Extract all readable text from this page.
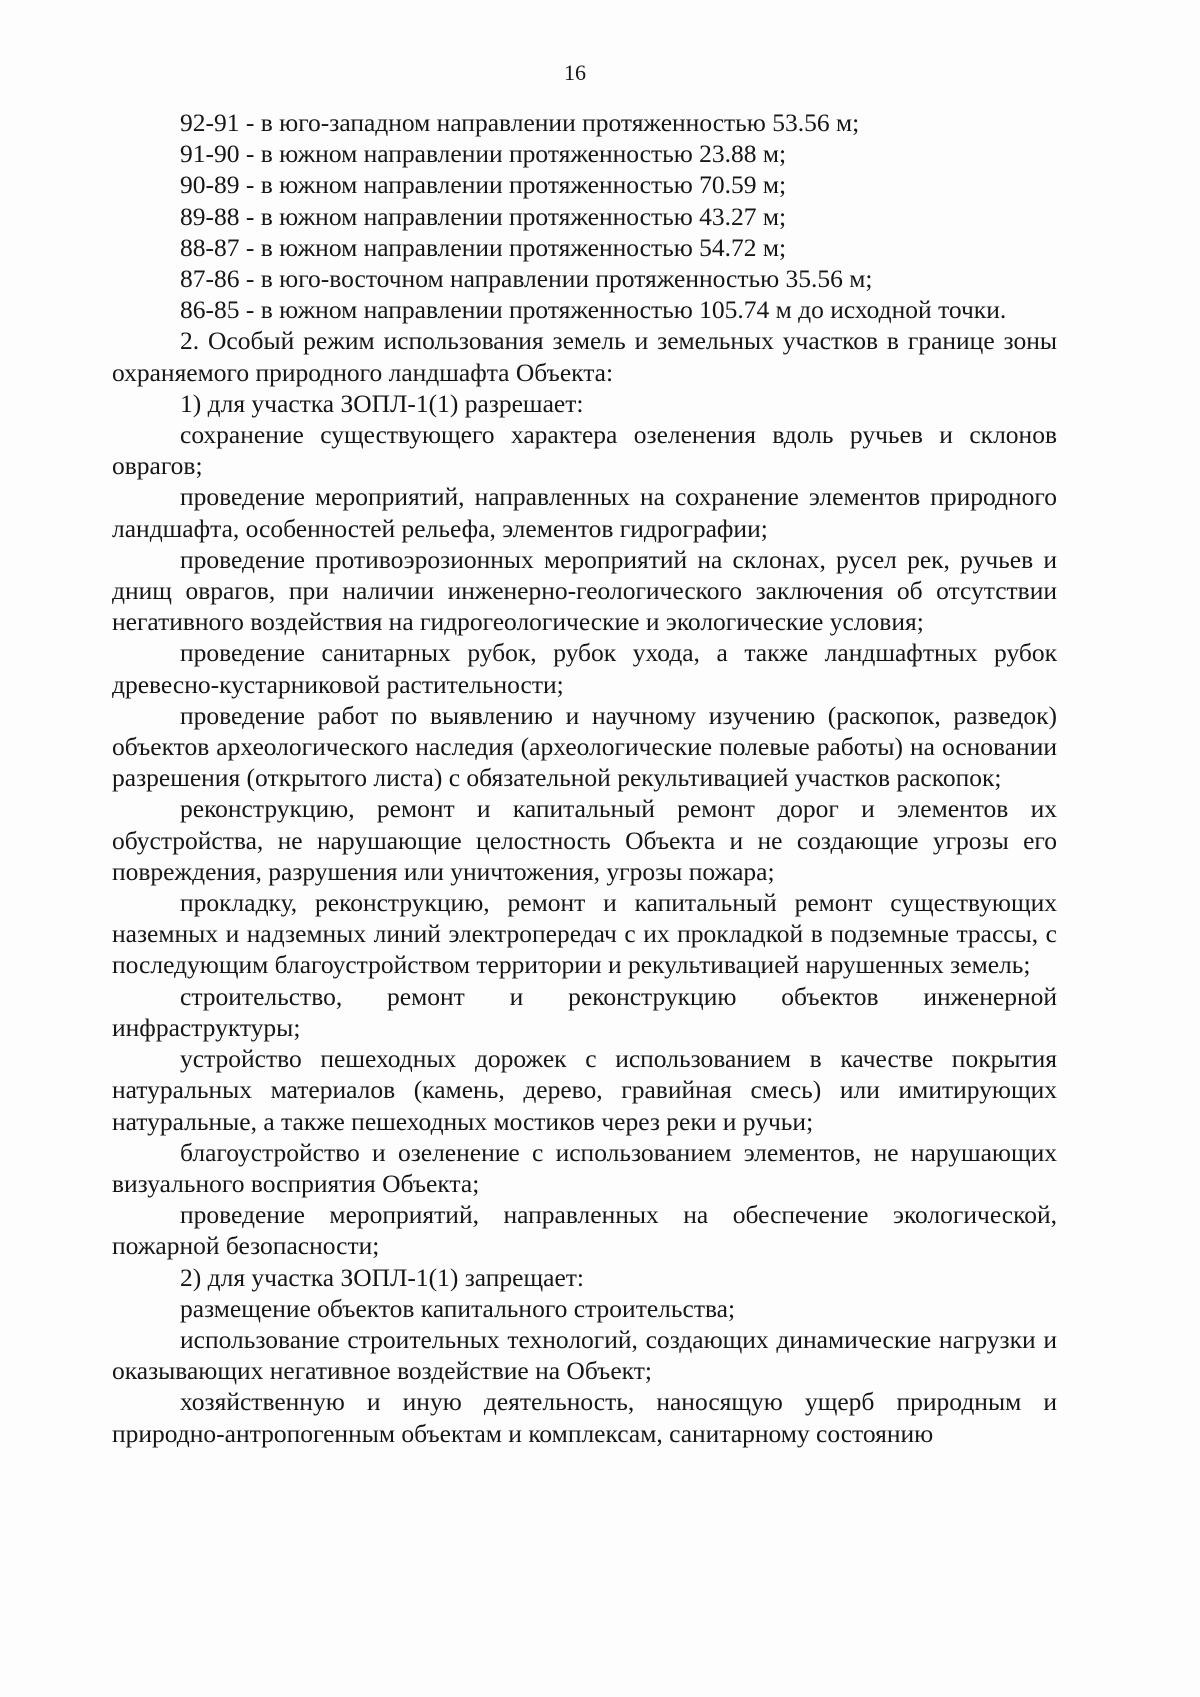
16

92-91 - в юго-западном направлении протяженностью 53.56 м;

91-90 - в южном направлении протяженностью 23.88 м;

90-89 - в южном направлении протяженностью 70.59 м;

89-88 - в южном направлении протяженностью 43.27 м;

88-87 - в южном направлении протяженностью 54.72 м;

87-86 - в юго-восточном направлении протяженностью 35.56 м;

86-85 - в южном направлении протяженностью 105.74 м до исходной точки.

2. Особый режим использования земель и земельных участков в границе зоны охраняемого природного ландшафта Объекта:

1) для участка ЗОПЛ-1(1) разрешает:

сохранение существующего характера озеленения вдоль ручьев и склонов оврагов;

проведение мероприятий, направленных на сохранение элементов природного ландшафта, особенностей рельефа, элементов гидрографии;

проведение противоэрозионных мероприятий на склонах, русел рек, ручьев и днищ оврагов, при наличии инженерно-геологического заключения об отсутствии негативного воздействия на гидрогеологические и экологические условия;

проведение санитарных рубок, рубок ухода, а также ландшафтных рубок древесно-кустарниковой растительности;

проведение работ по выявлению и научному изучению (раскопок, разведок) объектов археологического наследия (археологические полевые работы) на основании разрешения (открытого листа) с обязательной рекультивацией участков раскопок;

реконструкцию, ремонт и капитальный ремонт дорог и элементов их обустройства, не нарушающие целостность Объекта и не создающие угрозы его повреждения, разрушения или уничтожения, угрозы пожара;

прокладку, реконструкцию, ремонт и капитальный ремонт существующих наземных и надземных линий электропередач с их прокладкой в подземные трассы, с последующим благоустройством территории и рекультивацией нарушенных земель;

строительство, ремонт и реконструкцию объектов инженерной инфраструктуры;

устройство пешеходных дорожек с использованием в качестве покрытия натуральных материалов (камень, дерево, гравийная смесь) или имитирующих натуральные, а также пешеходных мостиков через реки и ручьи;

благоустройство и озеленение с использованием элементов, не нарушающих визуального восприятия Объекта;

проведение мероприятий, направленных на обеспечение экологической, пожарной безопасности;

2) для участка ЗОПЛ-1(1) запрещает:

размещение объектов капитального строительства;

использование строительных технологий, создающих динамические нагрузки и оказывающих негативное воздействие на Объект;

хозяйственную и иную деятельность, наносящую ущерб природным и природно-антропогенным объектам и комплексам, санитарному состоянию
